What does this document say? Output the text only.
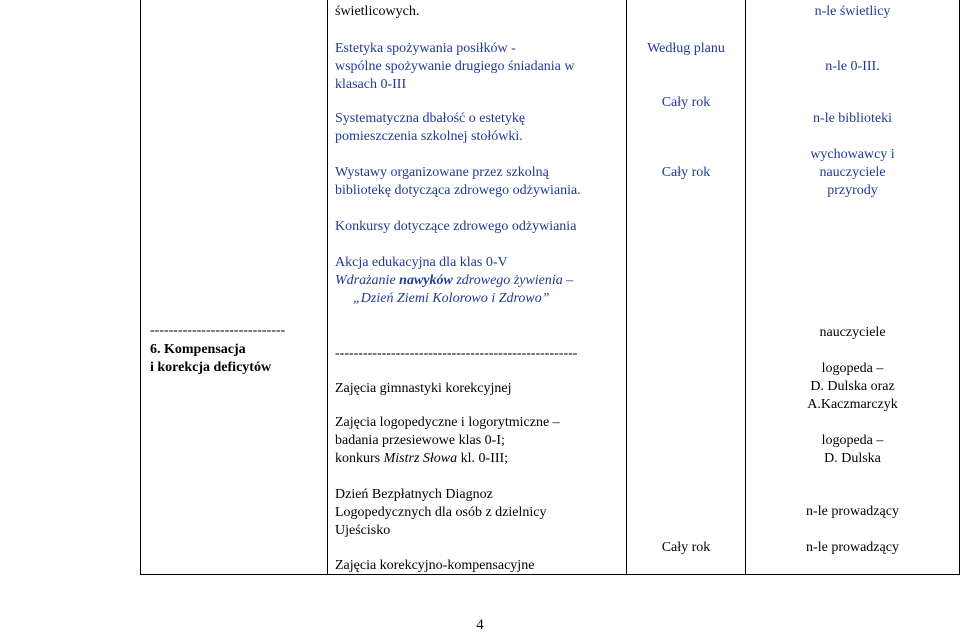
-----------------------------
6. Kompensacja
i korekcja deficytów
świetlicowych.
Estetyka spożywania posiłków -
wspólne spożywanie drugiego śniadania w
klasach 0-III
Systematyczna dbałość o estetykę
pomieszczenia szkolnej stołówki.
Wystawy organizowane przez szkolną
bibliotekę dotycząca zdrowego odżywiania.
Konkursy dotyczące zdrowego odżywiania
Akcja edukacyjna dla klas 0-V
Wdrażanie nawyków zdrowego żywienia –
„Dzień Ziemi Kolorowo i Zdrowo”
----------------------------------------------------
Zajęcia gimnastyki korekcyjnej
Zajęcia logopedyczne i logorytmiczne –
badania przesiewowe klas 0-I;
konkurs Mistrz Słowa kl. 0-III;
Dzień Bezpłatnych Diagnoz
Logopedycznych dla osób z dzielnicy
Ujeścisko
Zajęcia korekcyjno-kompensacyjne
Według planu
Cały rok
Cały rok
Cały rok
n-le świetlicy
n-le 0-III.
n-le biblioteki
wychowawcy i
nauczyciele
przyrody
nauczyciele
logopeda –
D. Dulska oraz
A.Kaczmarczyk
logopeda –
D. Dulska
n-le prowadzący
n-le prowadzący
4
